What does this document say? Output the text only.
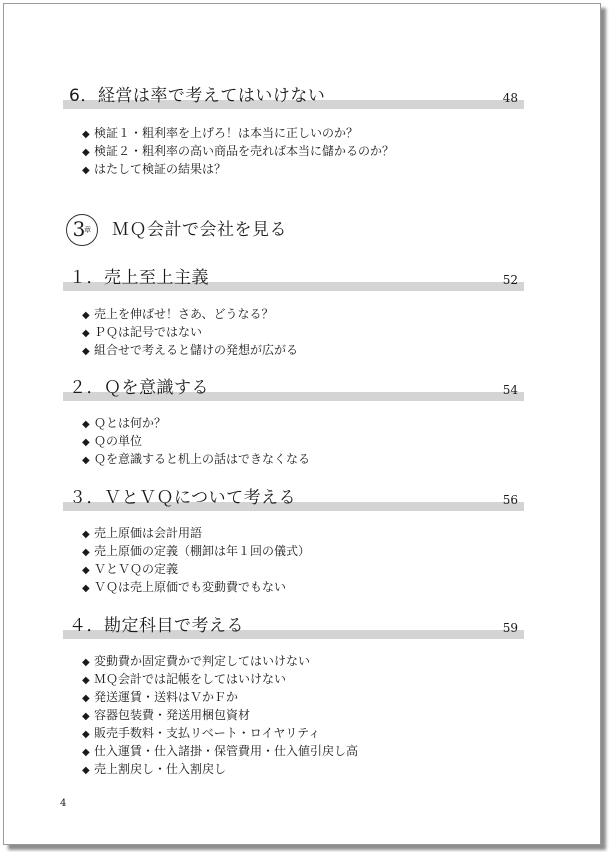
6．経営は率で考えてはいけない	48
◆ 検証１・粗利率を上げろ！は本当に正しいのか？
◆ 検証２・粗利率の高い商品を売れば本当に儲かるのか？
◆ はたして検証の結果は？
3
章 ＭＱ会計で会社を見る
１．売上至上主義	52
◆ 売上を伸ばせ！さあ、どうなる？
◆ ＰＱは記号ではない
◆ 組合せで考えると儲けの発想が広がる
２．Ｑを意識する	54
◆ Ｑとは何か？
◆ Ｑの単位
◆ Ｑを意識すると机上の話はできなくなる
３．ＶとＶＱについて考える	56
◆ 売上原価は会計用語
◆ 売上原価の定義（棚卸は年１回の儀式）
◆ ＶとＶＱの定義
◆ ＶＱは売上原価でも変動費でもない
４．勘定科目で考える	59
◆ 変動費か固定費かで判定してはいけない
◆ ＭＱ会計では記帳をしてはいけない
◆ 発送運賃・送料はＶかＦか
◆ 容器包装費・発送用梱包資材
◆ 販売手数料・支払リベート・ロイヤリティ
◆ 仕入運賃・仕入諸掛・保管費用・仕入値引戻し高
◆ 売上割戻し・仕入割戻し
4
